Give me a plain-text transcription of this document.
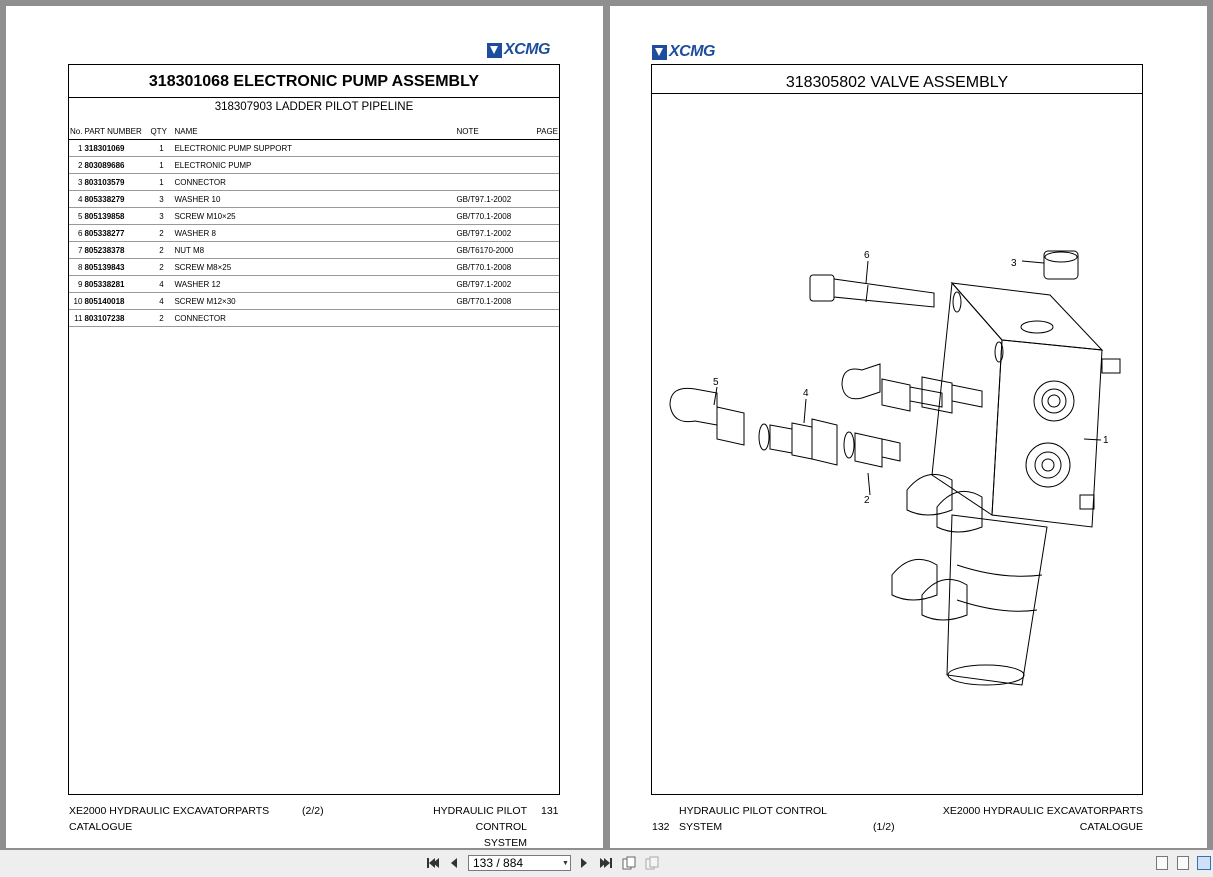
XCMG
318301068 ELECTRONIC PUMP ASSEMBLY
318307903 LADDER PILOT PIPELINE
No.	PART NUMBER	QTY	NAME	NOTE	PAGE
1	318301069	1	ELECTRONIC PUMP SUPPORT		
2	803089686	1	ELECTRONIC PUMP		
3	803103579	1	CONNECTOR		
4	805338279	3	WASHER 10	GB/T97.1-2002	
5	805139858	3	SCREW M10×25	GB/T70.1-2008	
6	805338277	2	WASHER 8	GB/T97.1-2002	
7	805238378	2	NUT M8	GB/T6170-2000	
8	805139843	2	SCREW M8×25	GB/T70.1-2008	
9	805338281	4	WASHER 12	GB/T97.1-2002	
10	805140018	4	SCREW M12×30	GB/T70.1-2008	
11	803107238	2	CONNECTOR		
XE2000 HYDRAULIC EXCAVATORPARTS
CATALOGUE
(2/2)	HYDRAULIC PILOT CONTROL
SYSTEM
131
XCMG
318305802 VALVE ASSEMBLY
6
3
1
5
4
2
132
HYDRAULIC PILOT CONTROL
SYSTEM	(1/2)
XE2000 HYDRAULIC EXCAVATORPARTS
CATALOGUE
133 / 884
▼
